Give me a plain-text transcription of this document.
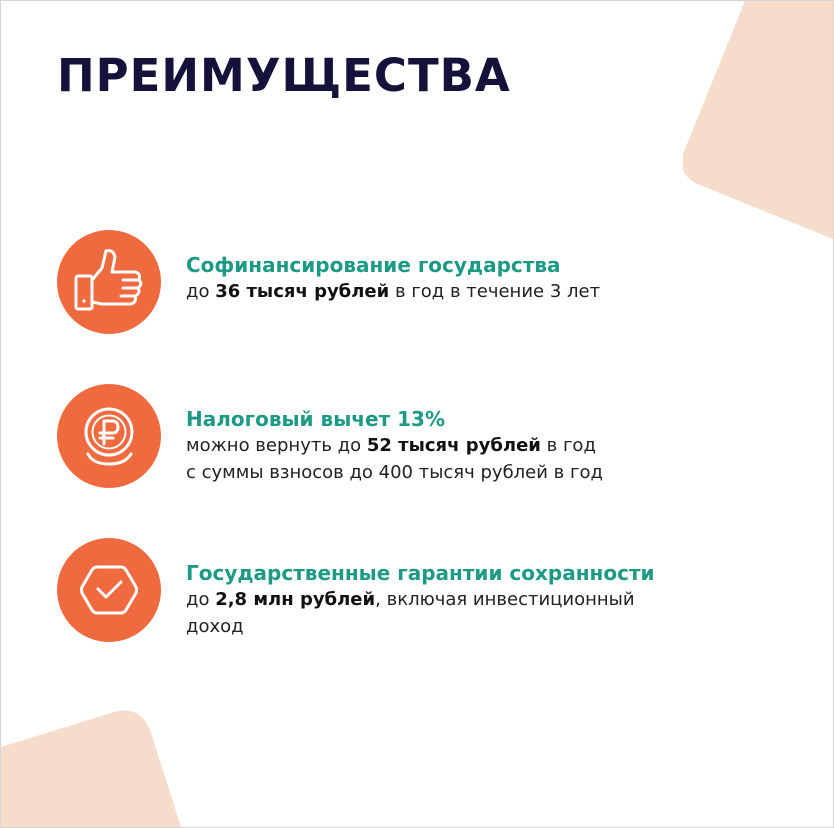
ПРЕИМУЩЕСТВА
Софинансирование государства
до 36 тысяч рублей в год в течение 3 лет
Налоговый вычет 13%
можно вернуть до 52 тысяч рублей в год
с суммы взносов до 400 тысяч рублей в год
Государственные гарантии сохранности
до 2,8 млн рублей, включая инвестиционный
доход
